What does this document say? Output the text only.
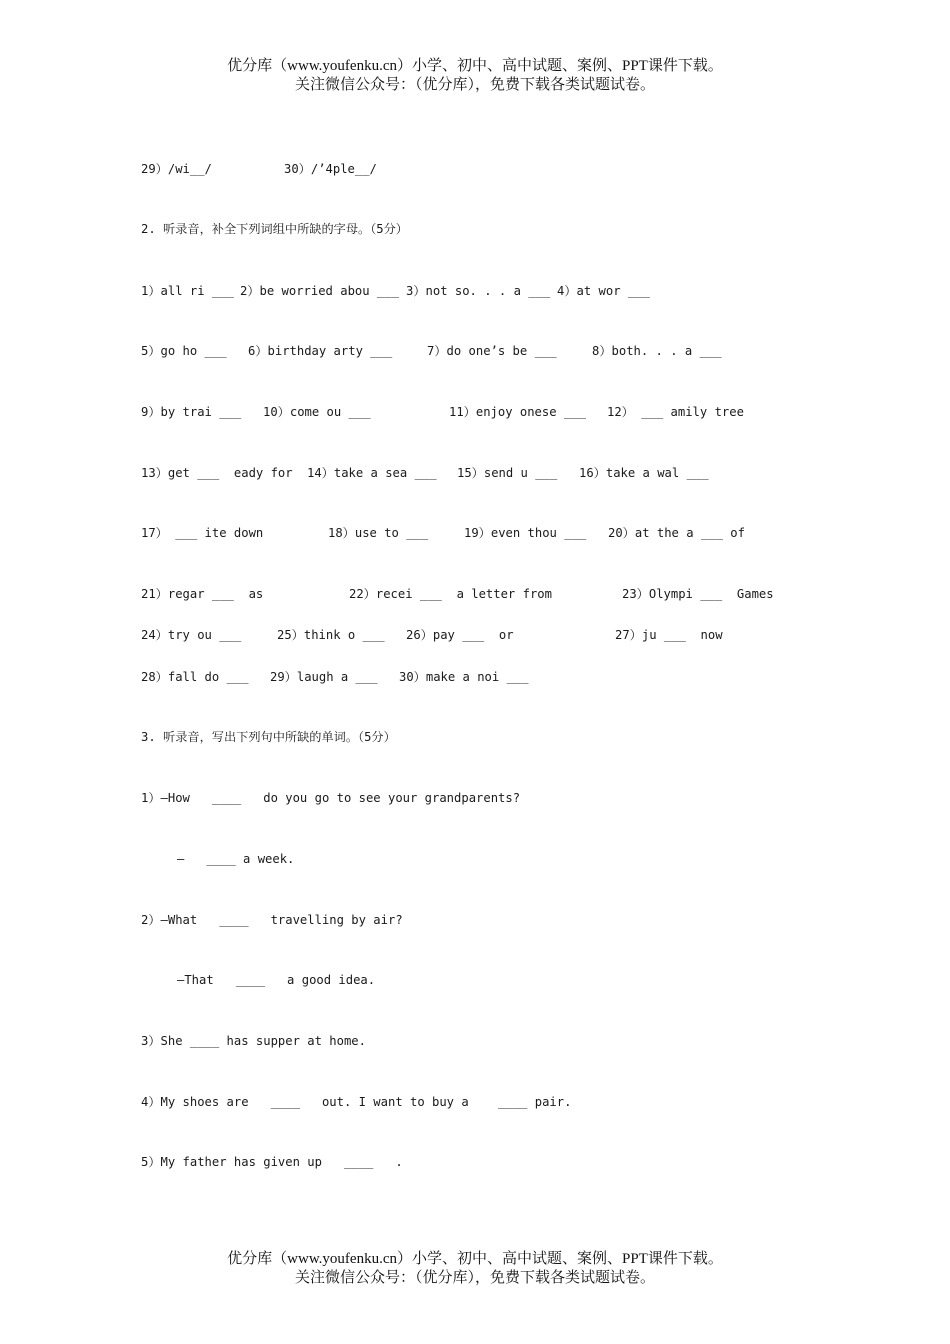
优分库（www.youfenku.cn）小学、初中、高中试题、案例、PPT课件下载。
关注微信公众号：（优分库），免费下载各类试题试卷。

29）/wi__/

	30）/’4ple__/

2. 听录音，补全下列词组中所缺的字母。（5分）

1）all ri ___

2）be worried abou ___

3）not so. . . a ___

4）at wor ___

5）go ho ___

6）birthday arty ___

	7）do one’s be ___

	8）both. . . a ___

9）by trai ___

10）come ou ___

	11）enjoy onese ___

12） ___ amily tree

13）get ___  eady for

14）take a sea ___

15）send u ___

16）take a wal ___

17） ___ ite down

	18）use to ___

	19）even thou ___

20）at the a ___ of

21）regar ___  as

	22）recei ___  a letter from

	23）Olympi ___  Games

24）try ou ___

	25）think o ___

26）pay ___  or

	27）ju ___  now

28）fall do ___

29）laugh a ___

30）make a noi ___

3. 听录音，写出下列句中所缺的单词。（5分）
1）—How   ____   do you go to see your grandparents?
—   ____ a week.
2）—What   ____   travelling by air?
—That   ____   a good idea.
3）She ____ has supper at home.
4）My shoes are   ____   out. I want to buy a    ____ pair.
5）My father has given up   ____   .
优分库（www.youfenku.cn）小学、初中、高中试题、案例、PPT课件下载。
关注微信公众号：（优分库），免费下载各类试题试卷。
